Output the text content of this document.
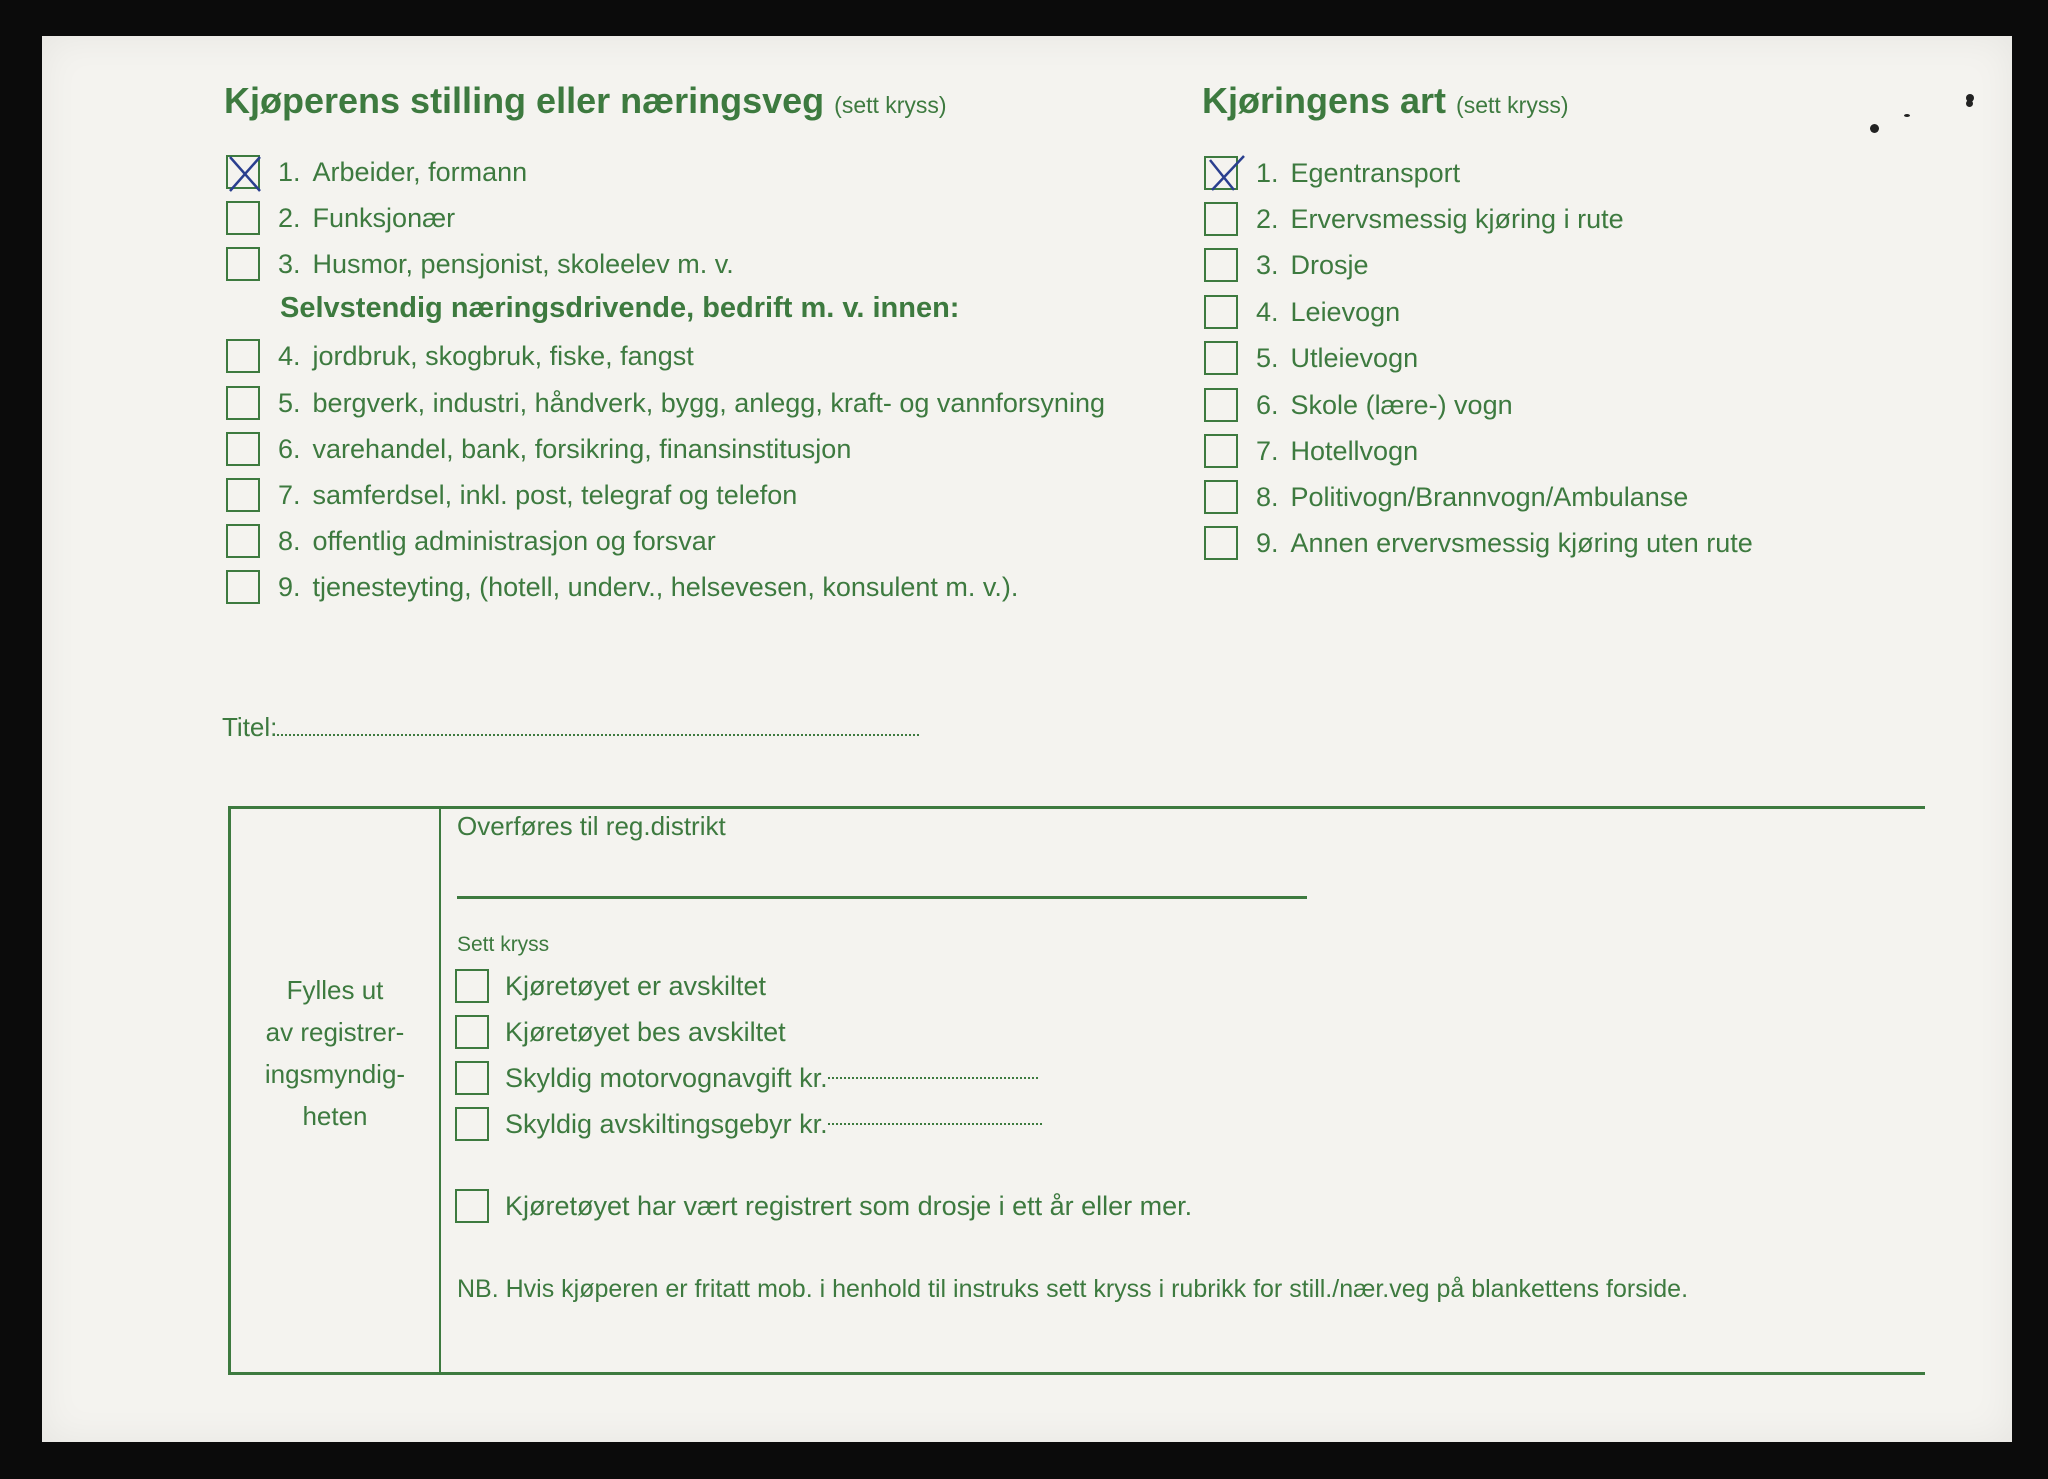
Kjøperens stilling eller næringsveg (sett kryss)	Kjøringens art (sett kryss)
1. Arbeider, formann
2. Funksjonær
3. Husmor, pensjonist, skoleelev m. v.
Selvstendig næringsdrivende, bedrift m. v. innen:
4. jordbruk, skogbruk, fiske, fangst
5. bergverk, industri, håndverk, bygg, anlegg, kraft- og vannforsyning
6. varehandel, bank, forsikring, finansinstitusjon
7. samferdsel, inkl. post, telegraf og telefon
8. offentlig administrasjon og forsvar
9. tjenesteyting, (hotell, underv., helsevesen, konsulent m. v.).
1. Egentransport
2. Ervervsmessig kjøring i rute
3. Drosje
4. Leievogn
5. Utleievogn
6. Skole (lære-) vogn
7. Hotellvogn
8. Politivogn/Brannvogn/Ambulanse
9. Annen ervervsmessig kjøring uten rute
Titel:
Fylles ut
av registrer-
ingsmyndig-
heten
Overføres til reg.distrikt
Sett kryss
Kjøretøyet er avskiltet
Kjøretøyet bes avskiltet
Skyldig motorvognavgift kr.
Skyldig avskiltingsgebyr kr.
Kjøretøyet har vært registrert som drosje i ett år eller mer.
NB. Hvis kjøperen er fritatt mob. i henhold til instruks sett kryss i rubrikk for still./nær.veg på blankettens forside.
